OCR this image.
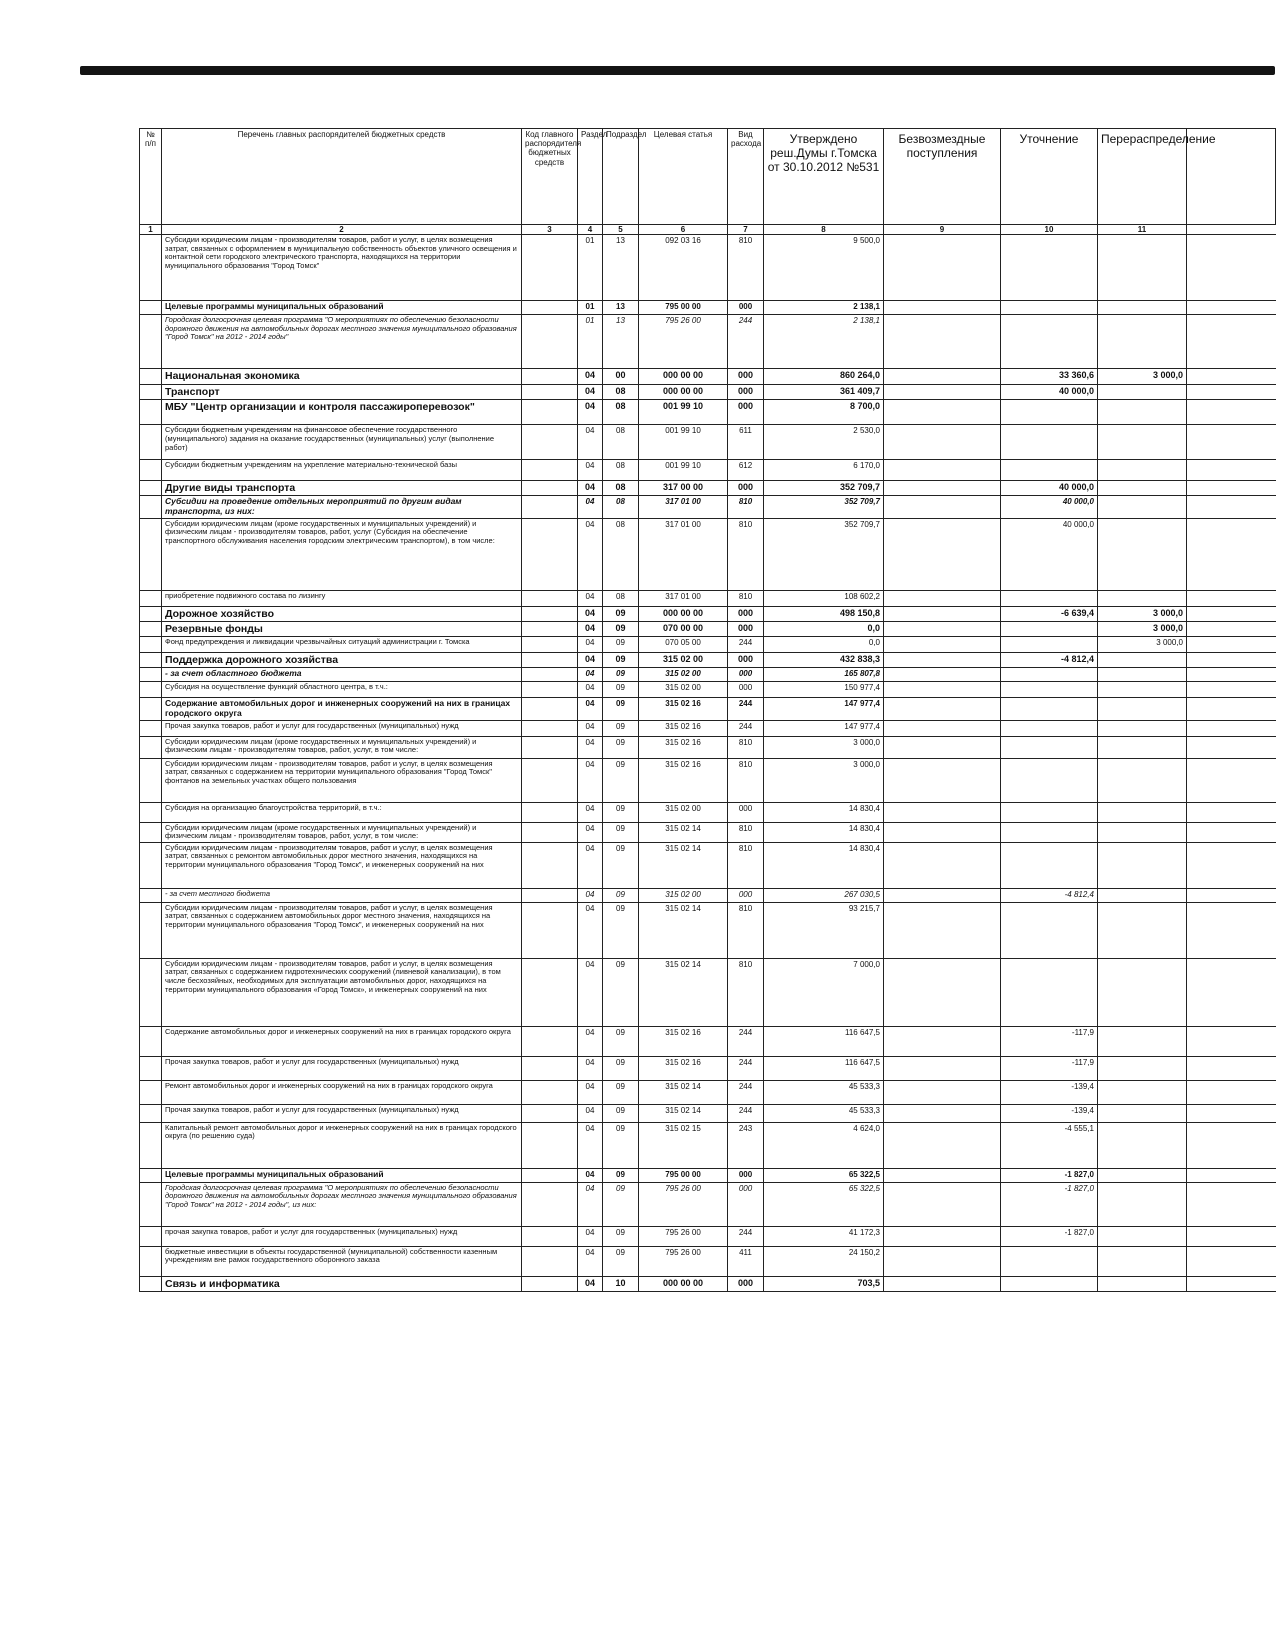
№ п/п	Перечень главных распорядителей бюджетных средств	Код главного распорядителя бюджетных средств	Раздел	Подраздел	Целевая статья	Вид расхода	Утверждено реш.Думы г.Томска от 30.10.2012 №531	Безвозмездные поступления	Уточнение	Перераспределение	
1	2	3	4	5	6	7	8	9	10	11	
	Субсидии юридическим лицам - производителям товаров, работ и услуг, в целях возмещения затрат, связанных с оформлением в муниципальную собственность объектов уличного освещения и контактной сети городского электрического транспорта, находящихся на территории муниципального образования "Город Томск"		01	13	092 03 16	810	9 500,0				
	Целевые программы муниципальных образований		01	13	795 00 00	000	2 138,1				
	Городская долгосрочная целевая программа "О мероприятиях по обеспечению безопасности дорожного движения на автомобильных дорогах местного значения муниципального образования "Город Томск" на 2012 - 2014 годы"		01	13	795 26 00	244	2 138,1				
	Национальная экономика		04	00	000 00 00	000	860 264,0		33 360,6	3 000,0	
	Транспорт		04	08	000 00 00	000	361 409,7		40 000,0		
	МБУ "Центр организации и контроля пассажироперевозок"		04	08	001 99 10	000	8 700,0				
	Субсидии бюджетным учреждениям на финансовое обеспечение государственного (муниципального) задания на оказание государственных (муниципальных) услуг (выполнение работ)		04	08	001 99 10	611	2 530,0				
	Субсидии бюджетным учреждениям на укрепление материально-технической базы		04	08	001 99 10	612	6 170,0				
	Другие виды транспорта		04	08	317 00 00	000	352 709,7		40 000,0		
	Субсидии на проведение отдельных мероприятий по другим видам транспорта, из них:		04	08	317 01 00	810	352 709,7		40 000,0		
	Субсидии юридическим лицам (кроме государственных и муниципальных учреждений) и физическим лицам - производителям товаров, работ, услуг (Субсидия на обеспечение транспортного обслуживания населения городским электрическим транспортом), в том числе:		04	08	317 01 00	810	352 709,7		40 000,0		
	приобретение подвижного состава по лизингу		04	08	317 01 00	810	108 602,2				
	Дорожное хозяйство		04	09	000 00 00	000	498 150,8		-6 639,4	3 000,0	
	Резервные фонды		04	09	070 00 00	000	0,0			3 000,0	
	Фонд предупреждения и ликвидации чрезвычайных ситуаций администрации г. Томска		04	09	070 05 00	244	0,0			3 000,0	
	Поддержка дорожного хозяйства		04	09	315 02 00	000	432 838,3		-4 812,4		
	- за счет областного бюджета		04	09	315 02 00	000	165 807,8				
	Субсидия на осуществление функций областного центра, в т.ч.:		04	09	315 02 00	000	150 977,4				
	Содержание автомобильных дорог и инженерных сооружений на них в границах городского округа		04	09	315 02 16	244	147 977,4				
	Прочая закупка товаров, работ и услуг для государственных (муниципальных) нужд		04	09	315 02 16	244	147 977,4				
	Субсидии юридическим лицам (кроме государственных и муниципальных учреждений) и физическим лицам - производителям товаров, работ, услуг, в том числе:		04	09	315 02 16	810	3 000,0				
	Субсидии юридическим лицам - производителям товаров, работ и услуг, в целях возмещения затрат, связанных с содержанием на территории муниципального образования "Город Томск" фонтанов на земельных участках общего пользования		04	09	315 02 16	810	3 000,0				
	Субсидия на организацию благоустройства территорий, в т.ч.:		04	09	315 02 00	000	14 830,4				
	Субсидии юридическим лицам (кроме государственных и муниципальных учреждений) и физическим лицам - производителям товаров, работ, услуг, в том числе:		04	09	315 02 14	810	14 830,4				
	Субсидии юридическим лицам - производителям товаров, работ и услуг, в целях возмещения затрат, связанных с ремонтом автомобильных дорог местного значения, находящихся на территории муниципального образования "Город Томск", и инженерных сооружений на них		04	09	315 02 14	810	14 830,4				
	- за счет местного бюджета		04	09	315 02 00	000	267 030,5		-4 812,4		
	Субсидии юридическим лицам - производителям товаров, работ и услуг, в целях возмещения затрат, связанных с содержанием автомобильных дорог местного значения, находящихся на территории муниципального образования "Город Томск", и инженерных сооружений на них		04	09	315 02 14	810	93 215,7				
	Субсидии юридическим лицам - производителям товаров, работ и услуг, в целях возмещения затрат, связанных с содержанием гидротехнических сооружений (ливневой канализации), в том числе бесхозяйных, необходимых для эксплуатации автомобильных дорог, находящихся на территории муниципального образования «Город Томск», и инженерных сооружений на них		04	09	315 02 14	810	7 000,0				
	Содержание автомобильных дорог и инженерных сооружений на них в границах городского округа		04	09	315 02 16	244	116 647,5		-117,9		
	Прочая закупка товаров, работ и услуг для государственных (муниципальных) нужд		04	09	315 02 16	244	116 647,5		-117,9		
	Ремонт автомобильных дорог и инженерных сооружений на них в границах городского округа		04	09	315 02 14	244	45 533,3		-139,4		
	Прочая закупка товаров, работ и услуг для государственных (муниципальных) нужд		04	09	315 02 14	244	45 533,3		-139,4		
	Капитальный ремонт автомобильных дорог и инженерных сооружений на них в границах городского округа (по решению суда)		04	09	315 02 15	243	4 624,0		-4 555,1		
	Целевые программы муниципальных образований		04	09	795 00 00	000	65 322,5		-1 827,0		
	Городская долгосрочная целевая программа "О мероприятиях по обеспечению безопасности дорожного движения на автомобильных дорогах местного значения муниципального образования "Город Томск" на 2012 - 2014 годы", из них:		04	09	795 26 00	000	65 322,5		-1 827,0		
	прочая закупка товаров, работ и услуг для государственных (муниципальных) нужд		04	09	795 26 00	244	41 172,3		-1 827,0		
	бюджетные инвестиции в объекты государственной (муниципальной) собственности казенным учреждениям вне рамок государственного оборонного заказа		04	09	795 26 00	411	24 150,2				
	Связь и информатика		04	10	000 00 00	000	703,5				
